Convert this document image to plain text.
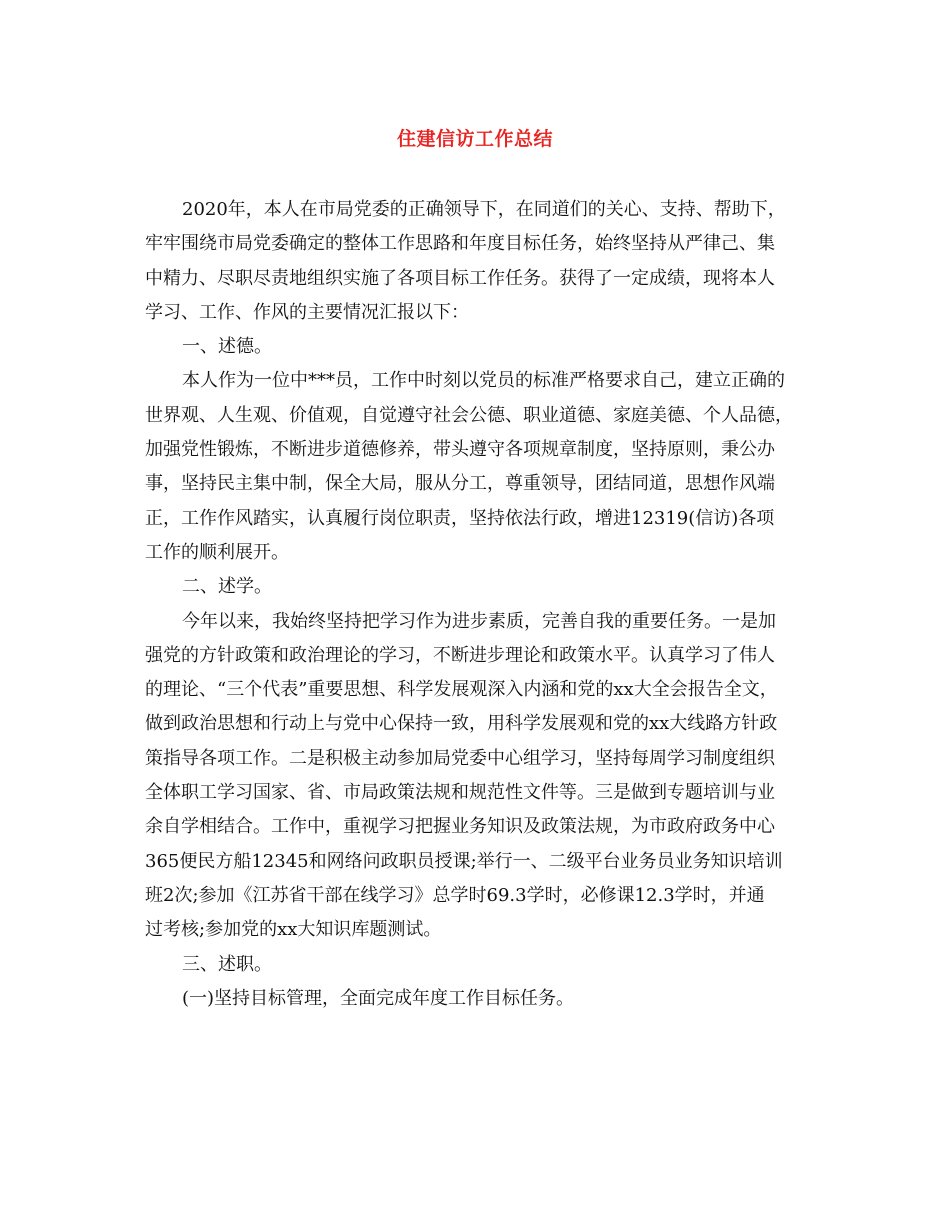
住建信访工作总结
2020年，本人在市局党委的正确领导下，在同道们的关心、支持、帮助下，
牢牢围绕市局党委确定的整体工作思路和年度目标任务，始终坚持从严律己、集
中精力、尽职尽责地组织实施了各项目标工作任务。获得了一定成绩，现将本人
学习、工作、作风的主要情况汇报以下：
一、述德。
本人作为一位中***员，工作中时刻以党员的标准严格要求自己，建立正确的
世界观、人生观、价值观，自觉遵守社会公德、职业道德、家庭美德、个人品德，
加强党性锻炼，不断进步道德修养，带头遵守各项规章制度，坚持原则，秉公办
事，坚持民主集中制，保全大局，服从分工，尊重领导，团结同道，思想作风端
正，工作作风踏实，认真履行岗位职责，坚持依法行政，增进12319(信访)各项
工作的顺利展开。
二、述学。
今年以来，我始终坚持把学习作为进步素质，完善自我的重要任务。一是加
强党的方针政策和政治理论的学习，不断进步理论和政策水平。认真学习了伟人
的理论、“三个代表”重要思想、科学发展观深入内涵和党的xx大全会报告全文，
做到政治思想和行动上与党中心保持一致，用科学发展观和党的xx大线路方针政
策指导各项工作。二是积极主动参加局党委中心组学习，坚持每周学习制度组织
全体职工学习国家、省、市局政策法规和规范性文件等。三是做到专题培训与业
余自学相结合。工作中，重视学习把握业务知识及政策法规，为市政府政务中心
365便民方船12345和网络问政职员授课;举行一、二级平台业务员业务知识培训
班2次;参加《江苏省干部在线学习》总学时69.3学时，必修课12.3学时，并通
过考核;参加党的xx大知识库题测试。
三、述职。
(一)坚持目标管理，全面完成年度工作目标任务。
